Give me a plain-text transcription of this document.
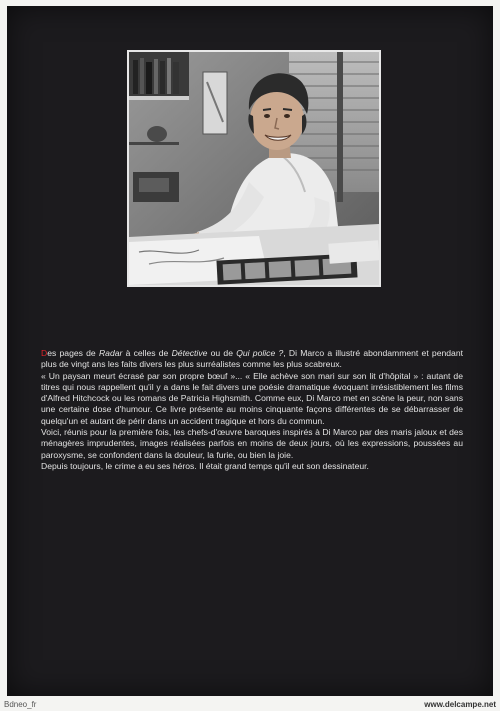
Des pages de Radar à celles de Détective ou de Qui police ?, Di Marco a illustré abondamment et pendant plus de vingt ans les faits divers les plus surréalistes comme les plus scabreux.

« Un paysan meurt écrasé par son propre bœuf »... « Elle achève son mari sur son lit d'hôpital » : autant de titres qui nous rappellent qu'il y a dans le fait divers une poésie dramatique évoquant irrésistiblement les films d'Alfred Hitchcock ou les romans de Patricia Highsmith. Comme eux, Di Marco met en scène la peur, non sans une certaine dose d'humour. Ce livre présente au moins cinquante façons différentes de se débarrasser de quelqu'un et autant de périr dans un accident tragique et hors du commun.

Voici, réunis pour la première fois, les chefs-d'œuvre baroques inspirés à Di Marco par des maris jaloux et des ménagères imprudentes, images réalisées parfois en moins de deux jours, où les expressions, poussées au paroxysme, se confondent dans la douleur, la furie, ou bien la joie.

Depuis toujours, le crime a eu ses héros. Il était grand temps qu'il eut son dessinateur.

Bdneo_fr	www.delcampe.net
